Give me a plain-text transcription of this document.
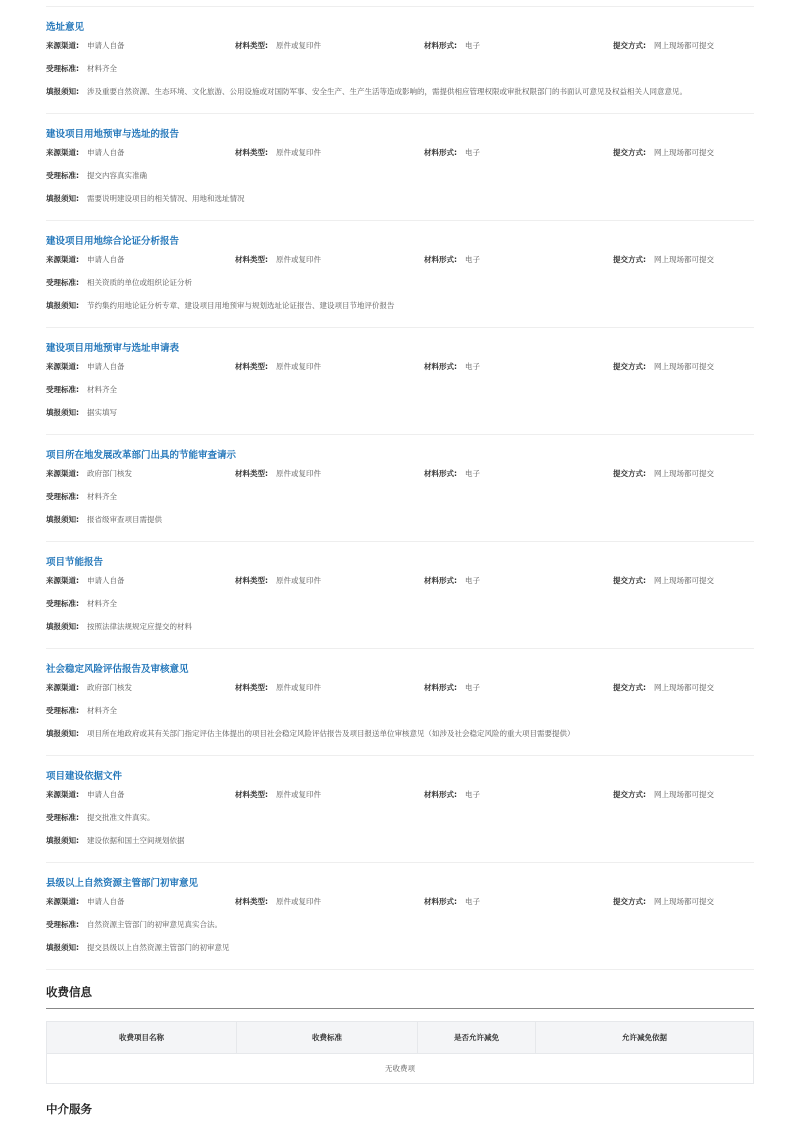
选址意见
来源渠道: 申请人自备	材料类型: 原件或复印件	材料形式: 电子	提交方式: 网上现场都可提交
受理标准: 材料齐全
填报须知: 涉及重要自然资源、生态环境、文化旅游、公用设施或对国防军事、安全生产、生产生活等造成影响的，需提供相应管理权限或审批权限部门的书面认可意见及权益相关人同意意见。
建设项目用地预审与选址的报告
来源渠道: 申请人自备	材料类型: 原件或复印件	材料形式: 电子	提交方式: 网上现场都可提交
受理标准: 提交内容真实准确
填报须知: 需要说明建设项目的相关情况、用地和选址情况
建设项目用地综合论证分析报告
来源渠道: 申请人自备	材料类型: 原件或复印件	材料形式: 电子	提交方式: 网上现场都可提交
受理标准: 相关资质的单位或组织论证分析
填报须知: 节约集约用地论证分析专章、建设项目用地预审与规划选址论证报告、建设项目节地评价报告
建设项目用地预审与选址申请表
来源渠道: 申请人自备	材料类型: 原件或复印件	材料形式: 电子	提交方式: 网上现场都可提交
受理标准: 材料齐全
填报须知: 据实填写
项目所在地发展改革部门出具的节能审查请示
来源渠道: 政府部门核发	材料类型: 原件或复印件	材料形式: 电子	提交方式: 网上现场都可提交
受理标准: 材料齐全
填报须知: 报省级审查项目需提供
项目节能报告
来源渠道: 申请人自备	材料类型: 原件或复印件	材料形式: 电子	提交方式: 网上现场都可提交
受理标准: 材料齐全
填报须知: 按照法律法规规定应提交的材料
社会稳定风险评估报告及审核意见
来源渠道: 政府部门核发	材料类型: 原件或复印件	材料形式: 电子	提交方式: 网上现场都可提交
受理标准: 材料齐全
填报须知: 项目所在地政府或其有关部门指定评估主体提出的项目社会稳定风险评估报告及项目报送单位审核意见（如涉及社会稳定风险的重大项目需要提供）
项目建设依据文件
来源渠道: 申请人自备	材料类型: 原件或复印件	材料形式: 电子	提交方式: 网上现场都可提交
受理标准: 提交批准文件真实。
填报须知: 建设依据和国土空间规划依据
县级以上自然资源主管部门初审意见
来源渠道: 申请人自备	材料类型: 原件或复印件	材料形式: 电子	提交方式: 网上现场都可提交
受理标准: 自然资源主管部门的初审意见真实合法。
填报须知: 提交县级以上自然资源主管部门的初审意见
收费信息
收费项目名称	收费标准	是否允许减免	允许减免依据
无收费项
中介服务
